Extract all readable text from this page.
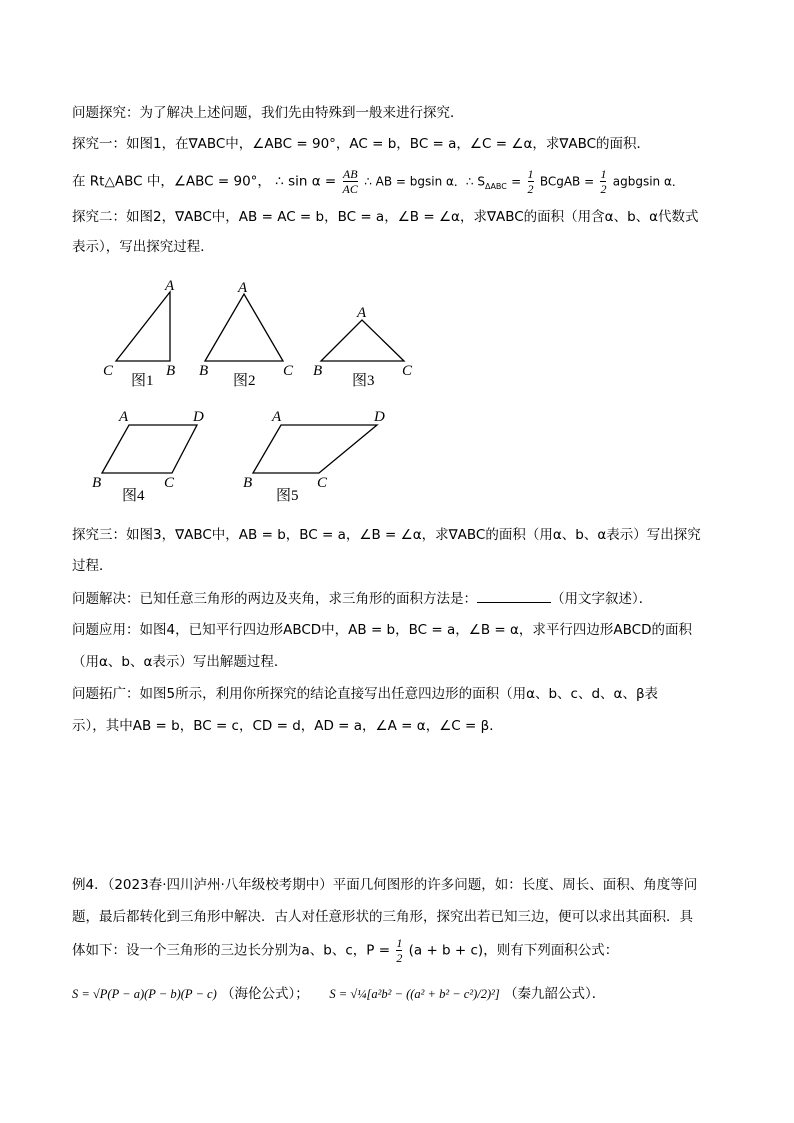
问题探究：为了解决上述问题，我们先由特殊到一般来进行探究．
探究一：如图1，在∇ABC中，∠ABC = 90°，AC = b，BC = a，∠C = ∠α，求∇ABC的面积．
在 Rt△ABC 中，∠ABC = 90°， ∴ $\sin \alpha = \frac{AB}{AC}$ ∴ AB = bgsin α．∴ $S_{\Delta ABC} = \frac{1}{2}$ BCgAB = $\frac{1}{2}$ agbgsin α．
探究二：如图2，∇ABC中，AB = AC = b，BC = a，∠B = ∠α，求∇ABC的面积（用含α、b、α代数式
表示），写出探究过程．
A
C	B
图1
A
B	C
图2
A
B	C
图3
A	D
B	C
图4
A	D
B	C
图5
探究三：如图3，∇ABC中，AB = b，BC = a，∠B = ∠α，求∇ABC的面积（用α、b、α表示）写出探究
过程．
问题解决：已知任意三角形的两边及夹角，求三角形的面积方法是：	（用文字叙述）．
问题应用：如图4，已知平行四边形ABCD中，AB = b，BC = a，∠B = α，求平行四边形ABCD的面积
（用α、b、α表示）写出解题过程．
问题拓广：如图5所示，利用你所探究的结论直接写出任意四边形的面积（用α、b、c、d、α、β表
示），其中AB = b，BC = c，CD = d，AD = a，∠A = α，∠C = β．
例4．（2023春·四川泸州·八年级校考期中）平面几何图形的许多问题，如：长度、周长、面积、角度等问
题，最后都转化到三角形中解决．古人对任意形状的三角形，探究出若已知三边，便可以求出其面积．具
体如下：设一个三角形的三边长分别为a、b、c，$P = \frac{1}{2} (a + b + c)$，则有下列面积公式：
S = √P(P − a)(P − b)(P − c) （海伦公式）； S = √¼[a²b² − ((a² + b² − c²)/2)²] （秦九韶公式）．
